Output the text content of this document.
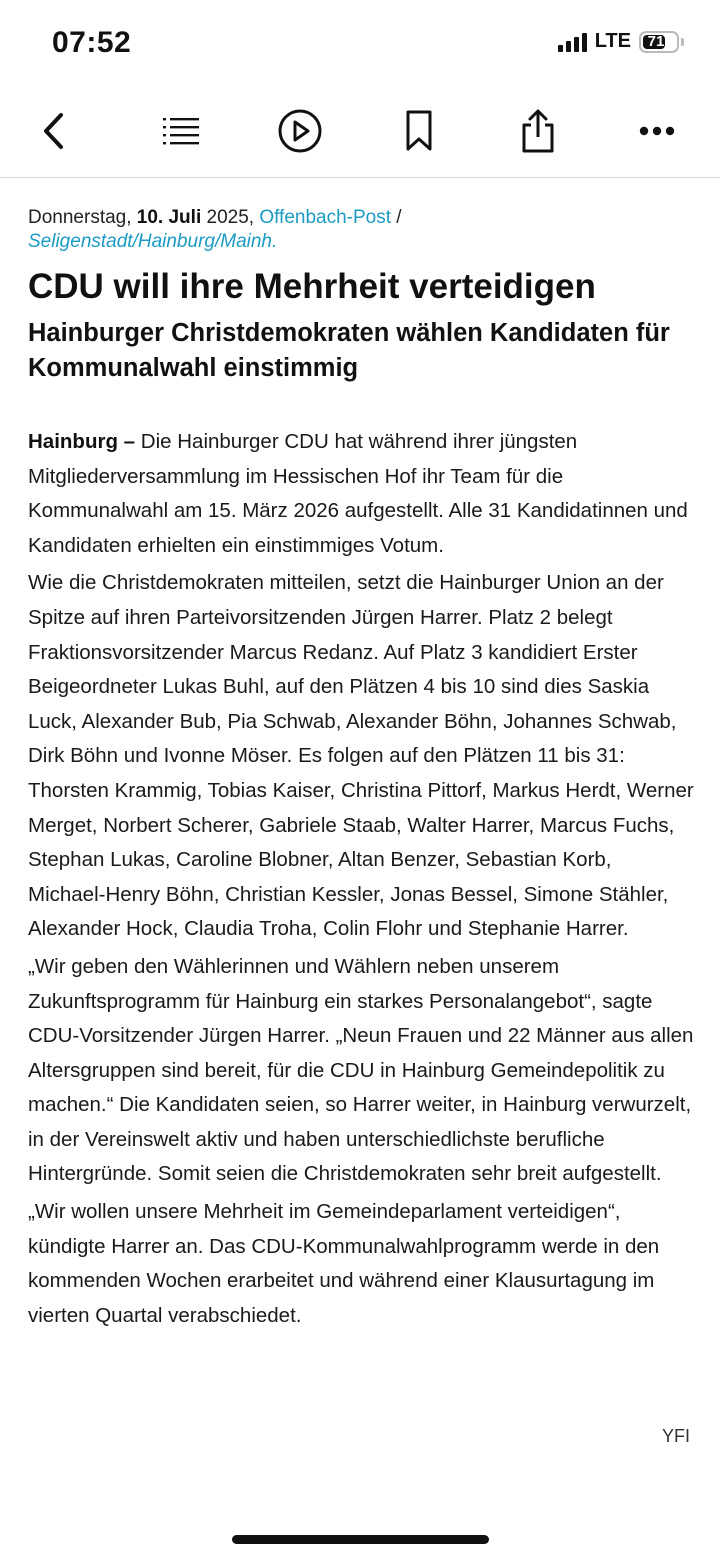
07:52	LTE	71
Donnerstag, 10. Juli 2025, Offenbach-Post /
Seligenstadt/Hainburg/Mainh.
CDU will ihre Mehrheit verteidigen
Hainburger Christdemokraten wählen Kandidaten für Kommunalwahl einstimmig

Hainburg – Die Hainburger CDU hat während ihrer jüngsten Mitgliederversammlung im Hessischen Hof ihr Team für die Kommunalwahl am 15. März 2026 aufgestellt. Alle 31 Kandidatinnen und Kandidaten erhielten ein einstimmiges Votum.

Wie die Christdemokraten mitteilen, setzt die Hainburger Union an der Spitze auf ihren Parteivorsitzenden Jürgen Harrer. Platz 2 belegt Fraktionsvorsitzender Marcus Redanz. Auf Platz 3 kandidiert Erster Beigeordneter Lukas Buhl, auf den Plätzen 4 bis 10 sind dies Saskia Luck, Alexander Bub, Pia Schwab, Alexander Böhn, Johannes Schwab, Dirk Böhn und Ivonne Möser. Es folgen auf den Plätzen 11 bis 31: Thorsten Krammig, Tobias Kaiser, Christina Pittorf, Markus Herdt, Werner Merget, Norbert Scherer, Gabriele Staab, Walter Harrer, Marcus Fuchs, Stephan Lukas, Caroline Blobner, Altan Benzer, Sebastian Korb, Michael-Henry Böhn, Christian Kessler, Jonas Bessel, Simone Stähler, Alexander Hock, Claudia Troha, Colin Flohr und Stephanie Harrer.

„Wir geben den Wählerinnen und Wählern neben unserem Zukunftsprogramm für Hainburg ein starkes Personalangebot“, sagte CDU-Vorsitzender Jürgen Harrer. „Neun Frauen und 22 Männer aus allen Altersgruppen sind bereit, für die CDU in Hainburg Gemeindepolitik zu machen.“ Die Kandidaten seien, so Harrer weiter, in Hainburg verwurzelt, in der Vereinswelt aktiv und haben unterschiedlichste berufliche Hintergründe. Somit seien die Christdemokraten sehr breit aufgestellt.

„Wir wollen unsere Mehrheit im Gemeindeparlament verteidigen“, kündigte Harrer an. Das CDU-Kommunalwahlprogramm werde in den kommenden Wochen erarbeitet und während einer Klausurtagung im vierten Quartal verabschiedet.

YFI
